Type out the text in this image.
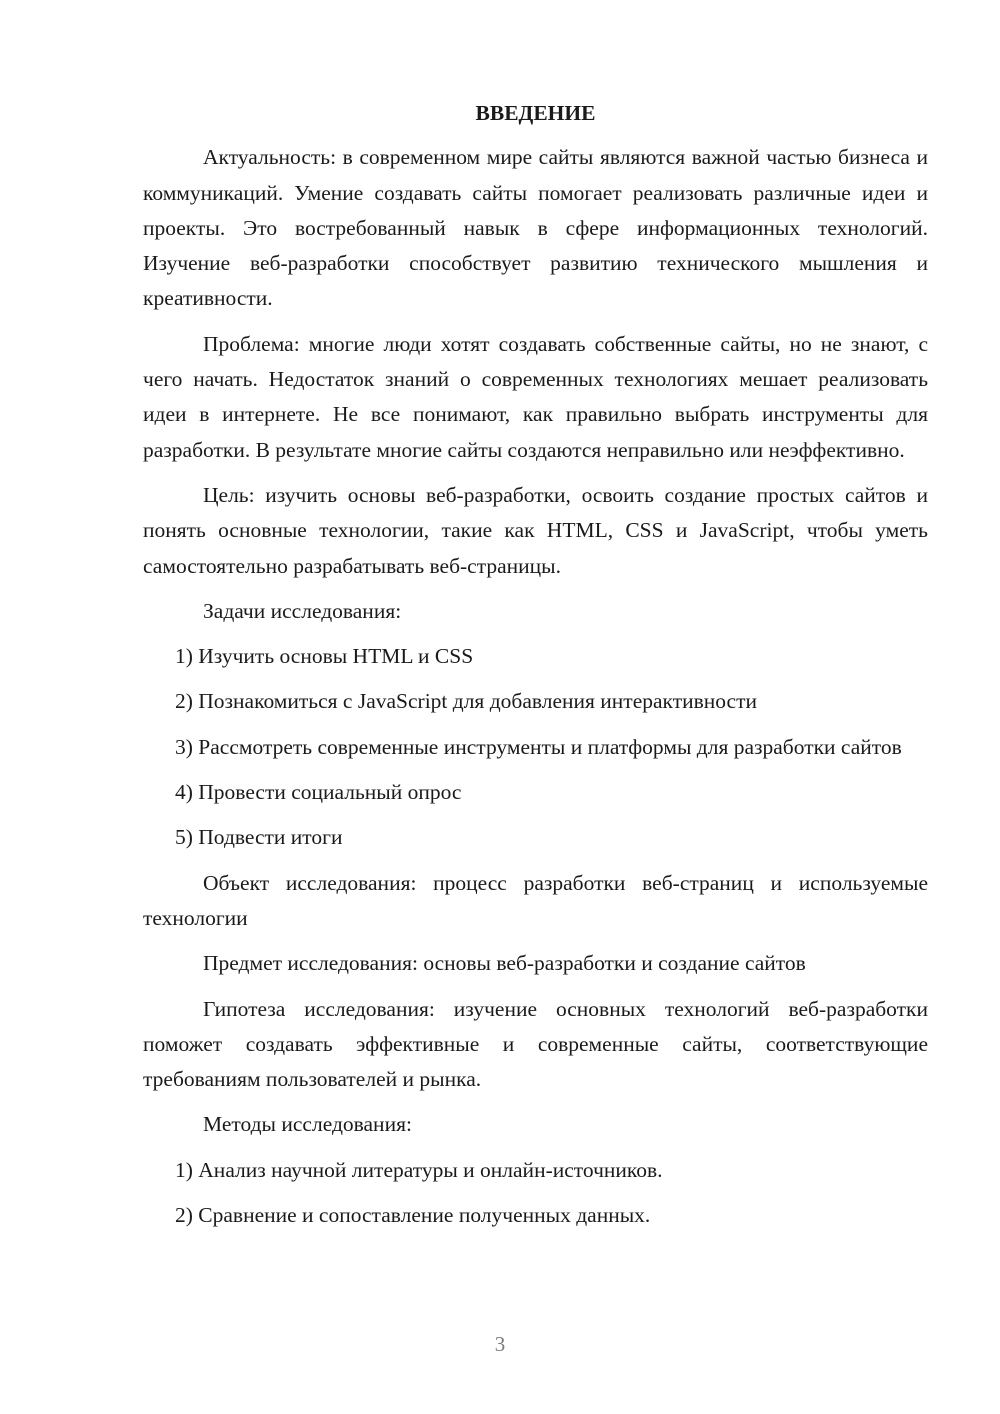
ВВЕДЕНИЕ

Актуальность: в современном мире сайты являются важной частью бизнеса и коммуникаций. Умение создавать сайты помогает реализовать различные идеи и проекты. Это востребованный навык в сфере информационных технологий. Изучение веб-разработки способствует развитию технического мышления и креативности.

Проблема: многие люди хотят создавать собственные сайты, но не знают, с чего начать. Недостаток знаний о современных технологиях мешает реализовать идеи в интернете. Не все понимают, как правильно выбрать инструменты для разработки. В результате многие сайты создаются неправильно или неэффективно.

Цель: изучить основы веб-разработки, освоить создание простых сайтов и понять основные технологии, такие как HTML, CSS и JavaScript, чтобы уметь самостоятельно разрабатывать веб-страницы.

Задачи исследования:

1) Изучить основы HTML и CSS

2) Познакомиться с JavaScript для добавления интерактивности

3) Рассмотреть современные инструменты и платформы для разработки сайтов

4) Провести социальный опрос

5) Подвести итоги

Объект исследования: процесс разработки веб-страниц и используемые технологии

Предмет исследования: основы веб-разработки и создание сайтов

Гипотеза исследования: изучение основных технологий веб-разработки поможет создавать эффективные и современные сайты, соответствующие требованиям пользователей и рынка.

Методы исследования:

1) Анализ научной литературы и онлайн-источников.

2) Сравнение и сопоставление полученных данных.

3
